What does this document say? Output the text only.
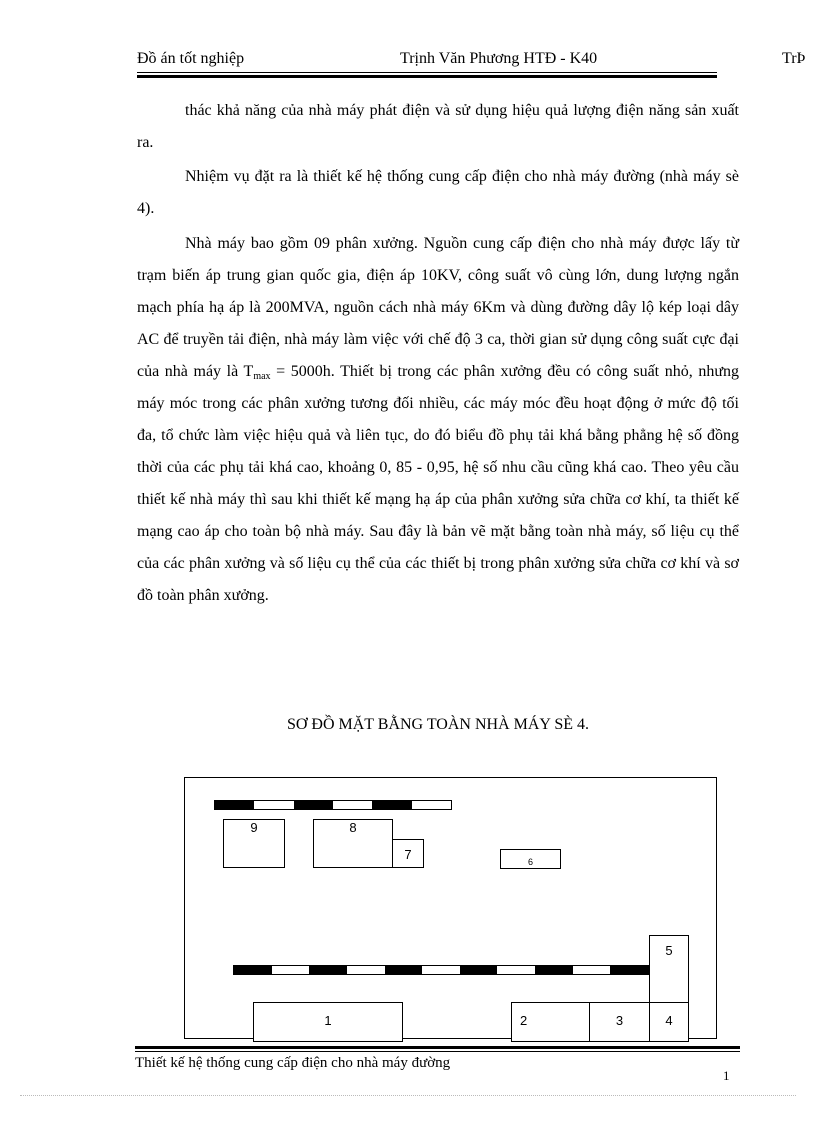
Đồ án tốt nghiệp	Trịnh Văn Phương HTĐ - K40	TrÞ

thác khả năng của nhà máy phát điện và sử dụng hiệu quả lượng điện năng sản xuất ra.

Nhiệm vụ đặt ra là thiết kế hệ thống cung cấp điện cho nhà máy đường (nhà máy sè 4).

Nhà máy bao gồm 09 phân xưởng. Nguồn cung cấp điện cho nhà máy được lấy từ trạm biến áp trung gian quốc gia, điện áp 10KV, công suất vô cùng lớn, dung lượng ngắn mạch phía hạ áp là 200MVA, nguồn cách nhà máy 6Km và dùng đường dây lộ kép loại dây AC để truyền tải điện, nhà máy làm việc với chế độ 3 ca, thời gian sử dụng công suất cực đại của nhà máy là $T_{max} = 5000h$. Thiết bị trong các phân xưởng đều có công suất nhỏ, nhưng máy móc trong các phân xưởng tương đối nhiều, các máy móc đều hoạt động ở mức độ tối đa, tổ chức làm việc hiệu quả và liên tục, do đó biểu đồ phụ tải khá bằng phẳng hệ số đồng thời của các phụ tải khá cao, khoảng 0, 85 - 0,95, hệ số nhu cầu cũng khá cao. Theo yêu cầu thiết kế nhà máy thì sau khi thiết kế mạng hạ áp của phân xưởng sửa chữa cơ khí, ta thiết kế mạng cao áp cho toàn bộ nhà máy. Sau đây là bản vẽ mặt bằng toàn nhà máy, số liệu cụ thể của các phân xưởng và số liệu cụ thể của các thiết bị trong phân xưởng sửa chữa cơ khí và sơ đồ toàn phân xưởng.

SƠ ĐỒ MẶT BẰNG TOÀN NHÀ MÁY SÈ 4.

Thiết kế hệ thống cung cấp điện cho nhà máy đường
9	8
7	6
5
1	2	3	4
1
